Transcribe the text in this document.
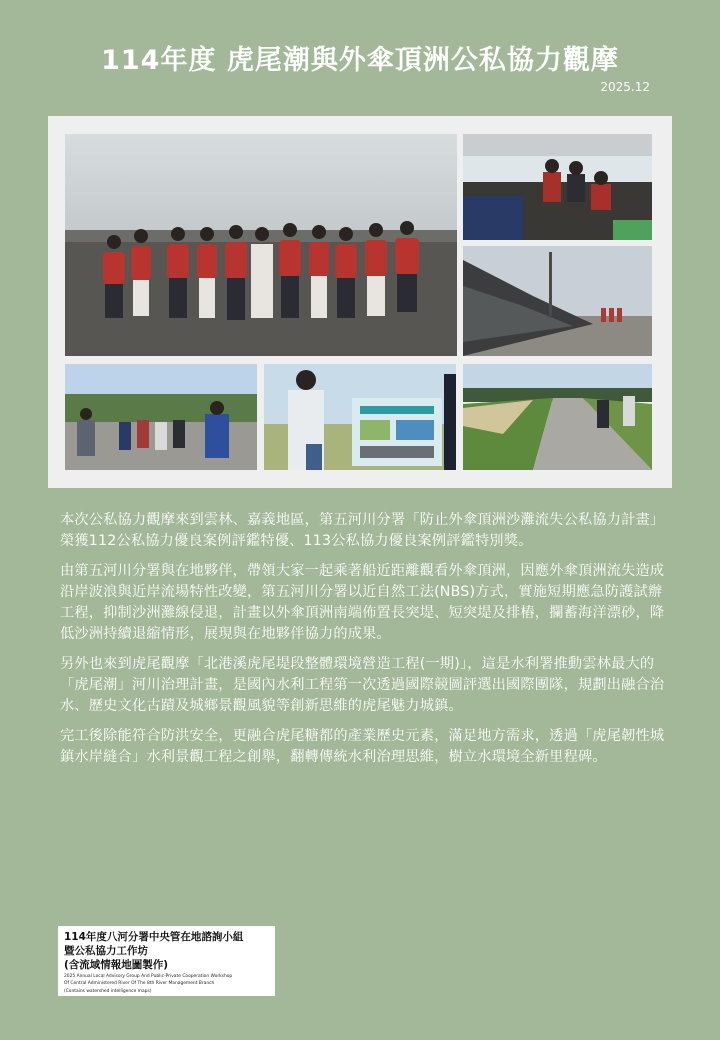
114年度 虎尾潮與外傘頂洲公私協力觀摩
2025.12

本次公私協力觀摩來到雲林、嘉義地區，第五河川分署「防止外傘頂洲沙灘流失公私協力計畫」榮獲112公私協力優良案例評鑑特優、113公私協力優良案例評鑑特別獎。

由第五河川分署與在地夥伴，帶領大家一起乘著船近距離觀看外傘頂洲，因應外傘頂洲流失造成沿岸波浪與近岸流場特性改變，第五河川分署以近自然工法(NBS)方式，實施短期應急防護試辦工程，抑制沙洲灘線侵退，計畫以外傘頂洲南端佈置長突堤、短突堤及排樁，攔蓄海洋漂砂，降低沙洲持續退縮情形，展現與在地夥伴協力的成果。

另外也來到虎尾觀摩「北港溪虎尾堤段整體環境營造工程(一期)」，這是水利署推動雲林最大的「虎尾潮」河川治理計畫，是國內水利工程第一次透過國際競圖評選出國際團隊，規劃出融合治水、歷史文化古蹟及城鄉景觀風貌等創新思維的虎尾魅力城鎮。

完工後除能符合防洪安全，更融合虎尾糖都的產業歷史元素，滿足地方需求，透過「虎尾韌性城鎮水岸縫合」水利景觀工程之創舉，翻轉傳統水利治理思維，樹立水環境全新里程碑。

114年度八河分署中央管在地諮詢小組
暨公私協力工作坊
(含流域情報地圖製作)
2025 Annual Local Advisory Group And Public-Private Cooperation Workshop
Of Central Administered River Of The 8th River Management Branch
(Contains watershed intelligence maps)
